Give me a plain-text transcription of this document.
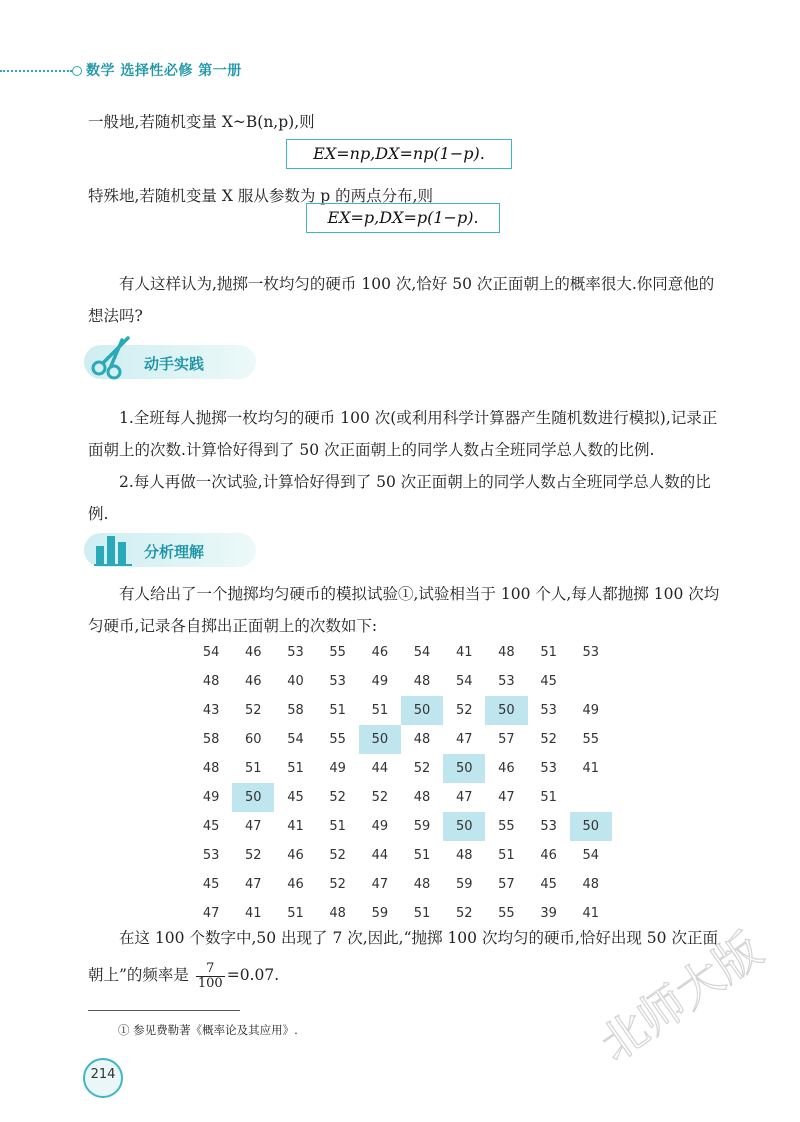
数学 选择性必修 第一册
一般地,若随机变量 X~B(n,p),则
EX=np,DX=np(1−p).
特殊地,若随机变量 X 服从参数为 p 的两点分布,则
EX=p,DX=p(1−p).
有人这样认为,抛掷一枚均匀的硬币 100 次,恰好 50 次正面朝上的概率很大.你同意他的想法吗?
动手实践
1.全班每人抛掷一枚均匀的硬币 100 次(或利用科学计算器产生随机数进行模拟),记录正面朝上的次数.计算恰好得到了 50 次正面朝上的同学人数占全班同学总人数的比例.
2.每人再做一次试验,计算恰好得到了 50 次正面朝上的同学人数占全班同学总人数的比例.
分析理解
有人给出了一个抛掷均匀硬币的模拟试验①,试验相当于 100 个人,每人都抛掷 100 次均匀硬币,记录各自掷出正面朝上的次数如下:
54	46	53	55	46	54	41	48	51	53
48	46	40	53	49	48	54	53	45	
43	52	58	51	51	50	52	50	53	49
58	60	54	55	50	48	47	57	52	55
48	51	51	49	44	52	50	46	53	41
49	50	45	52	52	48	47	47	51	
45	47	41	51	49	59	50	55	53	50
53	52	46	52	44	51	48	51	46	54
45	47	46	52	47	48	59	57	45	48
47	41	51	48	59	51	52	55	39	41
在这 100 个数字中,50 出现了 7 次,因此,“抛掷 100 次均匀的硬币,恰好出现 50 次正面
朝上”的频率是 $\frac{7}{100} =0.07$.
① 参见费勒著《概率论及其应用》.
214
北师大版
